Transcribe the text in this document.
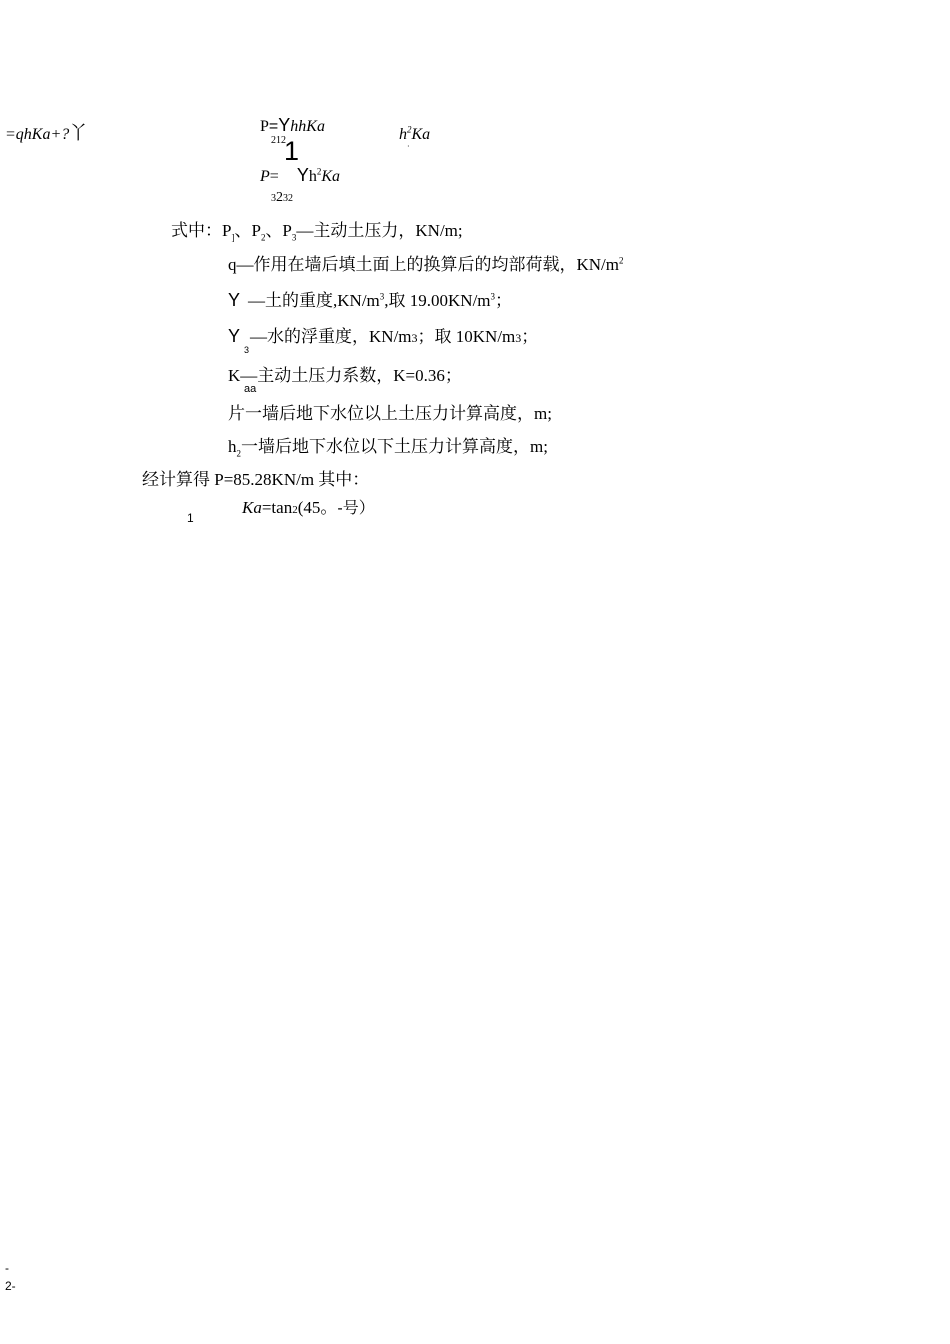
=qhKa+?丫	P=YhhKa
212
1
$h^2Ka$
·
$P= Yh^2Ka$
3232
式中：$P_]$、$P_2$、$P_3—$主动土压力，KN/m;
q—作用在墙后填土面上的换算后的均部荷载，$KN/m^2$
Y —土的重度$,KN/m^3$,取 $19.00KN/m^3$；
Y —水的浮重度，KN/m3；取 10KN/m3；
3
K—主动土压力系数，K=0.36；
aa
片一墙后地下水位以上土压力计算高度，m;
$h_2$一墙后地下水位以下土压力计算高度，m;
经计算得 P=85.28KN/m 其中：
1
Ka=tan2(45。-号）
-
2-
